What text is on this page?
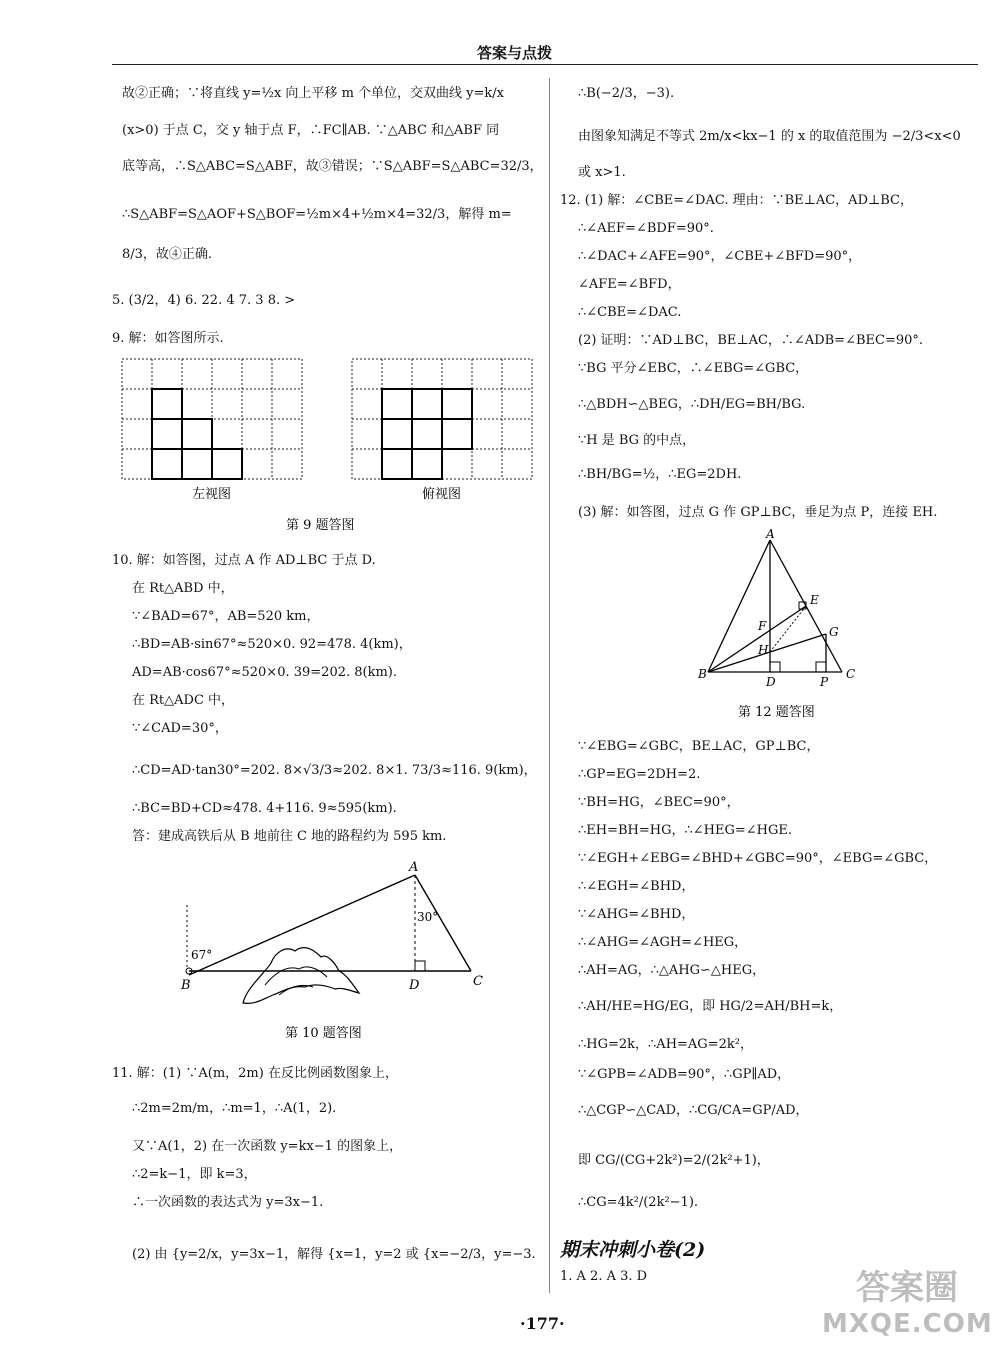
答案与点拨
故②正确；∵将直线 y=½x 向上平移 m 个单位，交双曲线 y=k/x
(x>0) 于点 C，交 y 轴于点 F，∴FC∥AB. ∵△ABC 和△ABF 同
底等高，∴S△ABC=S△ABF，故③错误；∵S△ABF=S△ABC=32/3，
∴S△ABF=S△AOF+S△BOF=½m×4+½m×4=32/3，解得 m=
8/3，故④正确.
5. (3/2，4) 6. 22. 4 7. 3 8. >
9. 解：如答图所示.
左视图	俯视图
第 9 题答图
10. 解：如答图，过点 A 作 AD⊥BC 于点 D.
在 Rt△ABD 中，
∵∠BAD=67°，AB=520 km，
∴BD=AB·sin67°≈520×0. 92=478. 4(km)，
AD=AB·cos67°≈520×0. 39=202. 8(km).
在 Rt△ADC 中，
∵∠CAD=30°，
∴CD=AD·tan30°=202. 8×√3/3≈202. 8×1. 73/3≈116. 9(km)，
∴BC=BD+CD≈478. 4+116. 9≈595(km).
答：建成高铁后从 B 地前往 C 地的路程约为 595 km.
67°
30°
A
B	C
D
第 10 题答图
11. 解：(1) ∵A(m，2m) 在反比例函数图象上，
∴2m=2m/m，∴m=1，∴A(1，2).
又∵A(1，2) 在一次函数 y=kx−1 的图象上，
∴2=k−1，即 k=3，
∴一次函数的表达式为 y=3x−1.
(2) 由 {y=2/x，y=3x−1，解得 {x=1，y=2 或 {x=−2/3，y=−3.
∴B(−2/3，−3).
由图象知满足不等式 2m/x<kx−1 的 x 的取值范围为 −2/3<x<0
或 x>1.
12. (1) 解：∠CBE=∠DAC. 理由：∵BE⊥AC，AD⊥BC，
∴∠AEF=∠BDF=90°.
∴∠DAC+∠AFE=90°，∠CBE+∠BFD=90°，
∠AFE=∠BFD，
∴∠CBE=∠DAC.
(2) 证明：∵AD⊥BC，BE⊥AC，∴∠ADB=∠BEC=90°.
∵BG 平分∠EBC，∴∠EBG=∠GBC，
∴△BDH∽△BEG，∴DH/EG=BH/BG.
∵H 是 BG 的中点，
∴BH/BG=½，∴EG=2DH.
(3) 解：如答图，过点 G 作 GP⊥BC，垂足为点 P，连接 EH.
A
B	C
D
E
F	G
H
P
第 12 题答图
∵∠EBG=∠GBC，BE⊥AC，GP⊥BC，
∴GP=EG=2DH=2.
∵BH=HG，∠BEC=90°，
∴EH=BH=HG，∴∠HEG=∠HGE.
∵∠EGH+∠EBG=∠BHD+∠GBC=90°，∠EBG=∠GBC，
∴∠EGH=∠BHD，
∵∠AHG=∠BHD，
∴∠AHG=∠AGH=∠HEG，
∴AH=AG，∴△AHG∽△HEG，
∴AH/HE=HG/EG，即 HG/2=AH/BH=k，
∴HG=2k，∴AH=AG=2k²，
∵∠GPB=∠ADB=90°，∴GP∥AD，
∴△CGP∽△CAD，∴CG/CA=GP/AD，
即 CG/(CG+2k²)=2/(2k²+1)，
∴CG=4k²/(2k²−1).
期末冲刺小卷(2)
1. A 2. A 3. D
·177·
答案圈
MXQE.COM
